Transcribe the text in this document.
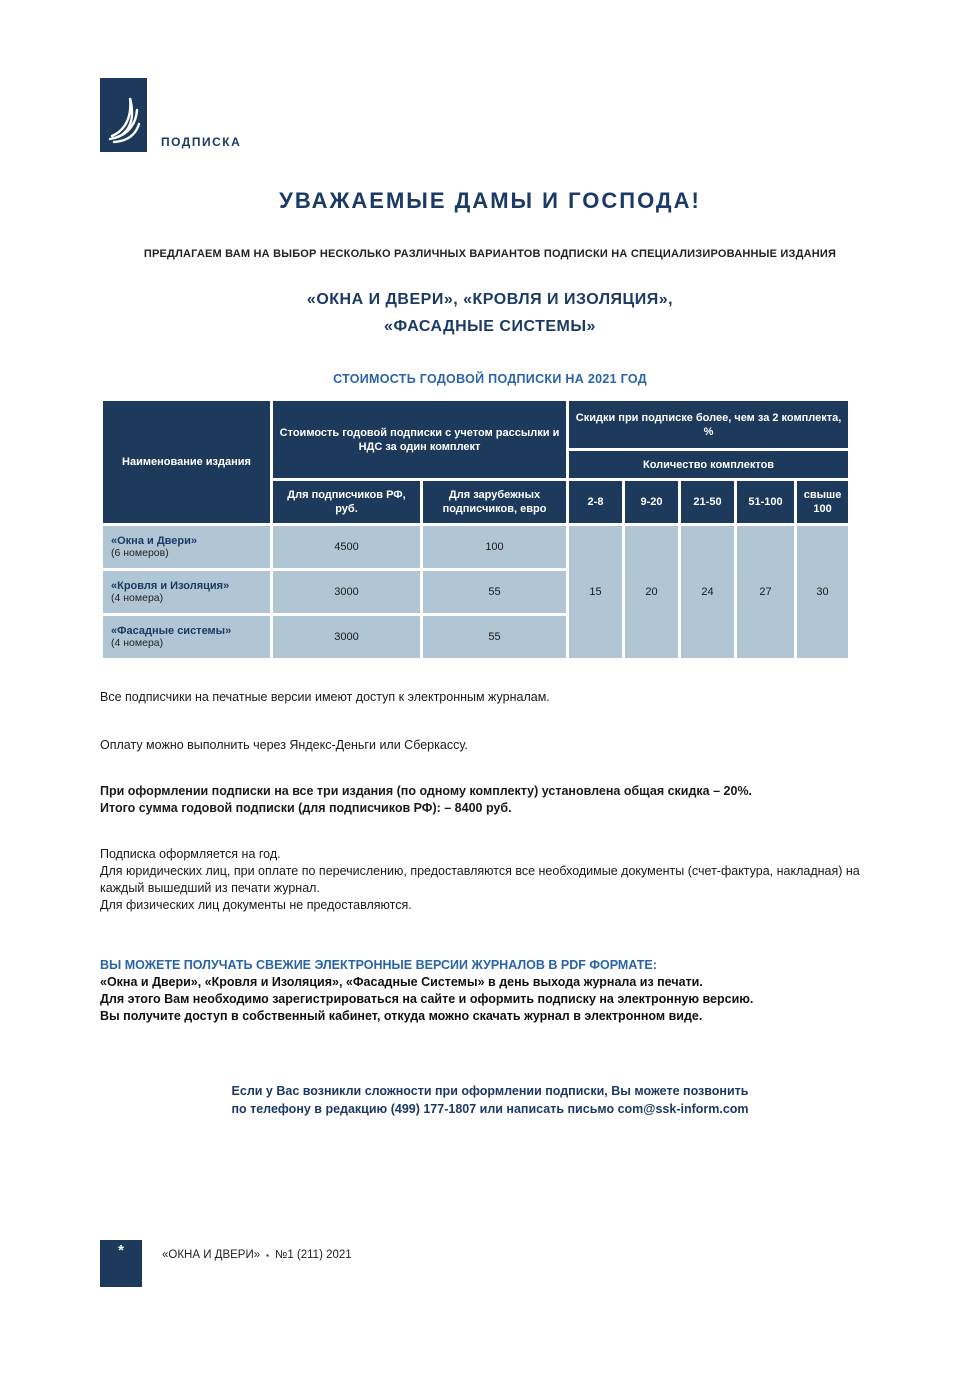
ПОДПИСКА
УВАЖАЕМЫЕ ДАМЫ И ГОСПОДА!
ПРЕДЛАГАЕМ ВАМ НА ВЫБОР НЕСКОЛЬКО РАЗЛИЧНЫХ ВАРИАНТОВ ПОДПИСКИ НА СПЕЦИАЛИЗИРОВАННЫЕ ИЗДАНИЯ
«ОКНА И ДВЕРИ», «КРОВЛЯ И ИЗОЛЯЦИЯ»,
«ФАСАДНЫЕ СИСТЕМЫ»
СТОИМОСТЬ ГОДОВОЙ ПОДПИСКИ НА 2021 ГОД
Наименование издания	Стоимость годовой подписки с учетом рассылки и НДС за один комплект		Скидки при подписке более, чем за 2 комплекта, %				
			Количество комплектов				
	Для подписчиков РФ, руб.	Для зарубежных подписчиков, евро	2-8	9-20	21-50	51-100	свыше 100
«Окна и Двери»
(6 номеров)	4500	100	15	20	24	27	30
«Кровля и Изоляция»
(4 номера)	3000	55					
«Фасадные системы»
(4 номера)	3000	55					
Все подписчики на печатные версии имеют доступ к электронным журналам.
Оплату можно выполнить через Яндекс-Деньги или Сберкассу.
При оформлении подписки на все три издания (по одному комплекту) установлена общая скидка – 20%.
Итого сумма годовой подписки (для подписчиков РФ): – 8400 руб.
Подписка оформляется на год.
Для юридических лиц, при оплате по перечислению, предоставляются все необходимые документы (счет-фактура, накладная) на каждый вышедший из печати журнал.
Для физических лиц документы не предоставляются.
ВЫ МОЖЕТЕ ПОЛУЧАТЬ СВЕЖИЕ ЭЛЕКТРОННЫЕ ВЕРСИИ ЖУРНАЛОВ В PDF ФОРМАТЕ:
«Окна и Двери», «Кровля и Изоляция», «Фасадные Системы» в день выхода журнала из печати.
Для этого Вам необходимо зарегистрироваться на сайте и оформить подписку на электронную версию.
Вы получите доступ в собственный кабинет, откуда можно скачать журнал в электронном виде.
Если у Вас возникли сложности при оформлении подписки, Вы можете позвонить
по телефону в редакцию (499) 177-1807 или написать письмо com@ssk-inform.com
*	«ОКНА И ДВЕРИ» ▪ №1 (211) 2021
